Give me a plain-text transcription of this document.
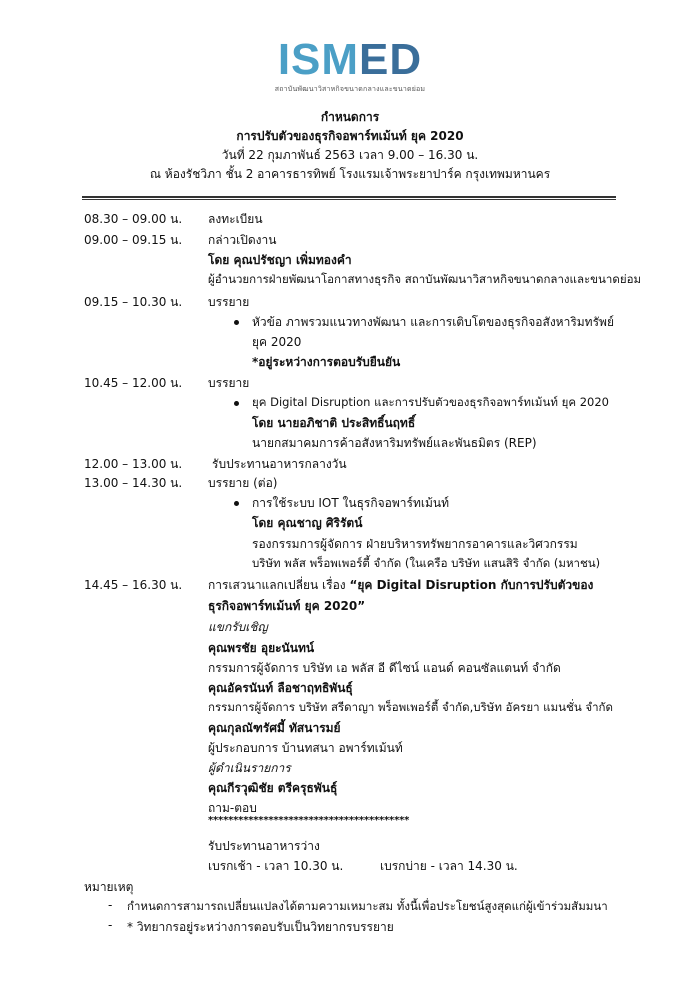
ISMED
สถาบันพัฒนาวิสาหกิจขนาดกลางและขนาดย่อม
กำหนดการ
การปรับตัวของธุรกิจอพาร์ทเม้นท์ ยุค 2020
วันที่ 22 กุมภาพันธ์ 2563 เวลา 9.00 – 16.30 น.
ณ ห้องรัชวิภา ชั้น 2 อาคารธารทิพย์ โรงแรมเจ้าพระยาปาร์ค กรุงเทพมหานคร
08.30 – 09.00 น.	ลงทะเบียน
09.00 – 09.15 น.	กล่าวเปิดงาน
โดย คุณปรัชญา เพิ่มทองคำ
ผู้อำนวยการฝ่ายพัฒนาโอกาสทางธุรกิจ สถาบันพัฒนาวิสาหกิจขนาดกลางและขนาดย่อม
09.15 – 10.30 น.	บรรยาย
หัวข้อ ภาพรวมแนวทางพัฒนา และการเติบโตของธุรกิจอสังหาริมทรัพย์
ยุค 2020
*อยู่ระหว่างการตอบรับยืนยัน
10.45 – 12.00 น.	บรรยาย
ยุค Digital Disruption และการปรับตัวของธุรกิจอพาร์ทเม้นท์ ยุค 2020
โดย นายอภิชาติ ประสิทธิ์นฤทธิ์
นายกสมาคมการค้าอสังหาริมทรัพย์และพันธมิตร (REP)
12.00 – 13.00 น.	รับประทานอาหารกลางวัน
13.00 – 14.30 น.	บรรยาย (ต่อ)
การใช้ระบบ IOT ในธุรกิจอพาร์ทเม้นท์
โดย คุณชาญ ศิริรัตน์
รองกรรมการผู้จัดการ ฝ่ายบริหารทรัพยากรอาคารและวิศวกรรม
บริษัท พลัส พร็อพเพอร์ตี้ จำกัด (ในเครือ บริษัท แสนสิริ จำกัด (มหาชน)
14.45 – 16.30 น.	การเสวนาแลกเปลี่ยน เรื่อง “ยุค Digital Disruption กับการปรับตัวของ
ธุรกิจอพาร์ทเม้นท์ ยุค 2020”
แขกรับเชิญ
คุณพรชัย อุยะนันทน์
กรรมการผู้จัดการ บริษัท เอ พลัส อี ดีไซน์ แอนด์ คอนซัลแตนท์ จำกัด
คุณอัครนันท์ ลือชาฤทธิพันธุ์
กรรมการผู้จัดการ บริษัท สรีดาญา พร็อพเพอร์ตี้ จำกัด,บริษัท อัครยา แมนชั่น จำกัด
คุณกุลณัฑรัศมี้ ทัสนารมย์
ผู้ประกอบการ บ้านทสนา อพาร์ทเม้นท์
ผู้ดำเนินรายการ
คุณกีรวุฒิชัย ตรีครุธพันธุ์
ถาม-ตอบ
****************************************
รับประทานอาหารว่าง
เบรกเช้า - เวลา 10.30 น.	เบรกบ่าย - เวลา 14.30 น.
หมายเหตุ
- กำหนดการสามารถเปลี่ยนแปลงได้ตามความเหมาะสม ทั้งนี้เพื่อประโยชน์สูงสุดแก่ผู้เข้าร่วมสัมมนา
- * วิทยากรอยู่ระหว่างการตอบรับเป็นวิทยากรบรรยาย
